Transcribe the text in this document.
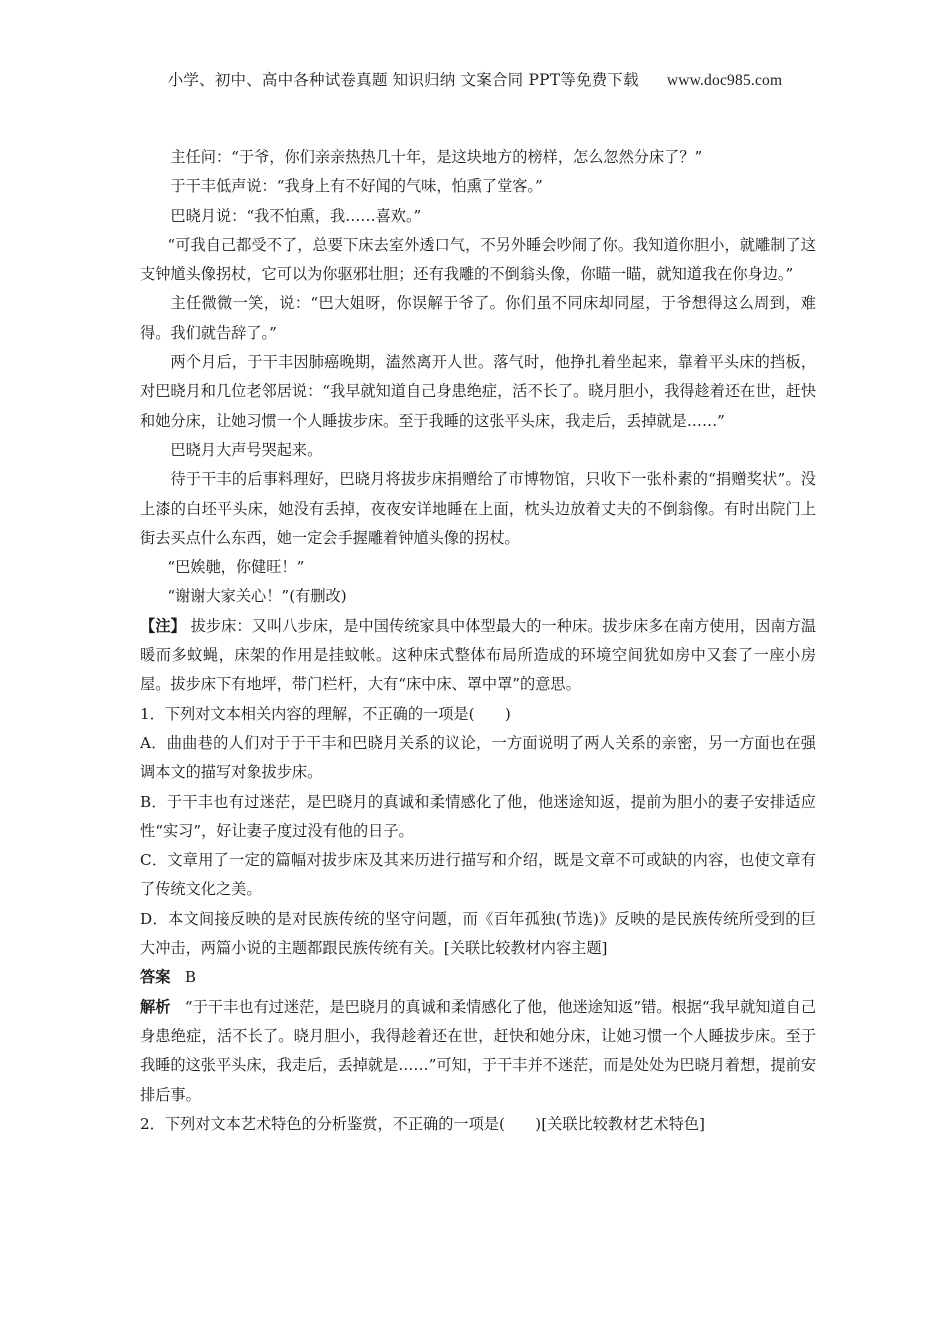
小学、初中、高中各种试卷真题 知识归纳 文案合同 PPT等免费下载 www.doc985.com

主任问：“于爷，你们亲亲热热几十年，是这块地方的榜样，怎么忽然分床了？”

于干丰低声说：“我身上有不好闻的气味，怕熏了堂客。”

巴晓月说：“我不怕熏，我……喜欢。”

“可我自己都受不了，总要下床去室外透口气，不另外睡会吵闹了你。我知道你胆小，就雕制了这支钟馗头像拐杖，它可以为你驱邪壮胆；还有我雕的不倒翁头像，你瞄一瞄，就知道我在你身边。”

主任微微一笑，说：“巴大姐呀，你误解于爷了。你们虽不同床却同屋，于爷想得这么周到，难得。我们就告辞了。”

两个月后，于干丰因肺癌晚期，溘然离开人世。落气时，他挣扎着坐起来，靠着平头床的挡板，对巴晓月和几位老邻居说：“我早就知道自己身患绝症，活不长了。晓月胆小，我得趁着还在世，赶快和她分床，让她习惯一个人睡拔步床。至于我睡的这张平头床，我走后，丢掉就是……”

巴晓月大声号哭起来。

待于干丰的后事料理好，巴晓月将拔步床捐赠给了市博物馆，只收下一张朴素的“捐赠奖状”。没上漆的白坯平头床，她没有丢掉，夜夜安详地睡在上面，枕头边放着丈夫的不倒翁像。有时出院门上街去买点什么东西，她一定会手握雕着钟馗头像的拐杖。

“巴娭毑，你健旺！”

“谢谢大家关心！”(有删改)

【注】 拔步床：又叫八步床，是中国传统家具中体型最大的一种床。拔步床多在南方使用，因南方温暖而多蚊蝇，床架的作用是挂蚊帐。这种床式整体布局所造成的环境空间犹如房中又套了一座小房屋。拔步床下有地坪，带门栏杆，大有“床中床、罩中罩”的意思。

1．下列对文本相关内容的理解，不正确的一项是(　　)

A．曲曲巷的人们对于于干丰和巴晓月关系的议论，一方面说明了两人关系的亲密，另一方面也在强调本文的描写对象拔步床。

B．于干丰也有过迷茫，是巴晓月的真诚和柔情感化了他，他迷途知返，提前为胆小的妻子安排适应性“实习”，好让妻子度过没有他的日子。

C．文章用了一定的篇幅对拔步床及其来历进行描写和介绍，既是文章不可或缺的内容，也使文章有了传统文化之美。

D．本文间接反映的是对民族传统的坚守问题，而《百年孤独(节选)》反映的是民族传统所受到的巨大冲击，两篇小说的主题都跟民族传统有关。[关联比较教材内容主题]

答案 B

解析 “于干丰也有过迷茫，是巴晓月的真诚和柔情感化了他，他迷途知返”错。根据“我早就知道自己身患绝症，活不长了。晓月胆小，我得趁着还在世，赶快和她分床，让她习惯一个人睡拔步床。至于我睡的这张平头床，我走后，丢掉就是……”可知，于干丰并不迷茫，而是处处为巴晓月着想，提前安排后事。

2．下列对文本艺术特色的分析鉴赏，不正确的一项是(　　)[关联比较教材艺术特色]
